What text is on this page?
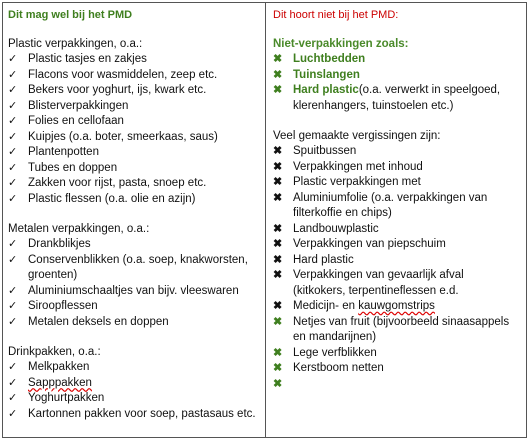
Dit mag wel bij het PMD
Plastic verpakkingen, o.a.:
✓ Plastic tasjes en zakjes
✓ Flacons voor wasmiddelen, zeep etc.
✓ Bekers voor yoghurt, ijs, kwark etc.
✓ Blisterverpakkingen
✓ Folies en cellofaan
✓ Kuipjes (o.a. boter, smeerkaas, saus)
✓ Plantenpotten
✓ Tubes en doppen
✓ Zakken voor rijst, pasta, snoep etc.
✓ Plastic flessen (o.a. olie en azijn)
Metalen verpakkingen, o.a.:
✓ Drankblikjes
✓ Conservenblikken (o.a. soep, knakworsten,
groenten)
✓ Aluminiumschaaltjes van bijv. vleeswaren
✓ Siroopflessen
✓ Metalen deksels en doppen
Drinkpakken, o.a.:
✓ Melkpakken
✓ Sapppakken
✓ Yoghurtpakken
✓ Kartonnen pakken voor soep, pastasaus etc.
Dit hoort niet bij het PMD:
Niet-verpakkingen zoals:
✖ Luchtbedden
✖ Tuinslangen
✖ Hard plastic(o.a. verwerkt in speelgoed,
klerenhangers, tuinstoelen etc.)
Veel gemaakte vergissingen zijn:
✖ Spuitbussen
✖ Verpakkingen met inhoud
✖ Plastic verpakkingen met
✖ Aluminiumfolie (o.a. verpakkingen van
filterkoffie en chips)
✖ Landbouwplastic
✖ Verpakkingen van piepschuim
✖ Hard plastic
✖ Verpakkingen van gevaarlijk afval
(kitkokers, terpentineflessen e.d.
✖ Medicijn- en kauwgomstrips
✖ Netjes van fruit (bijvoorbeeld sinaasappels
en mandarijnen)
✖ Lege verfblikken
✖ Kerstboom netten
✖
